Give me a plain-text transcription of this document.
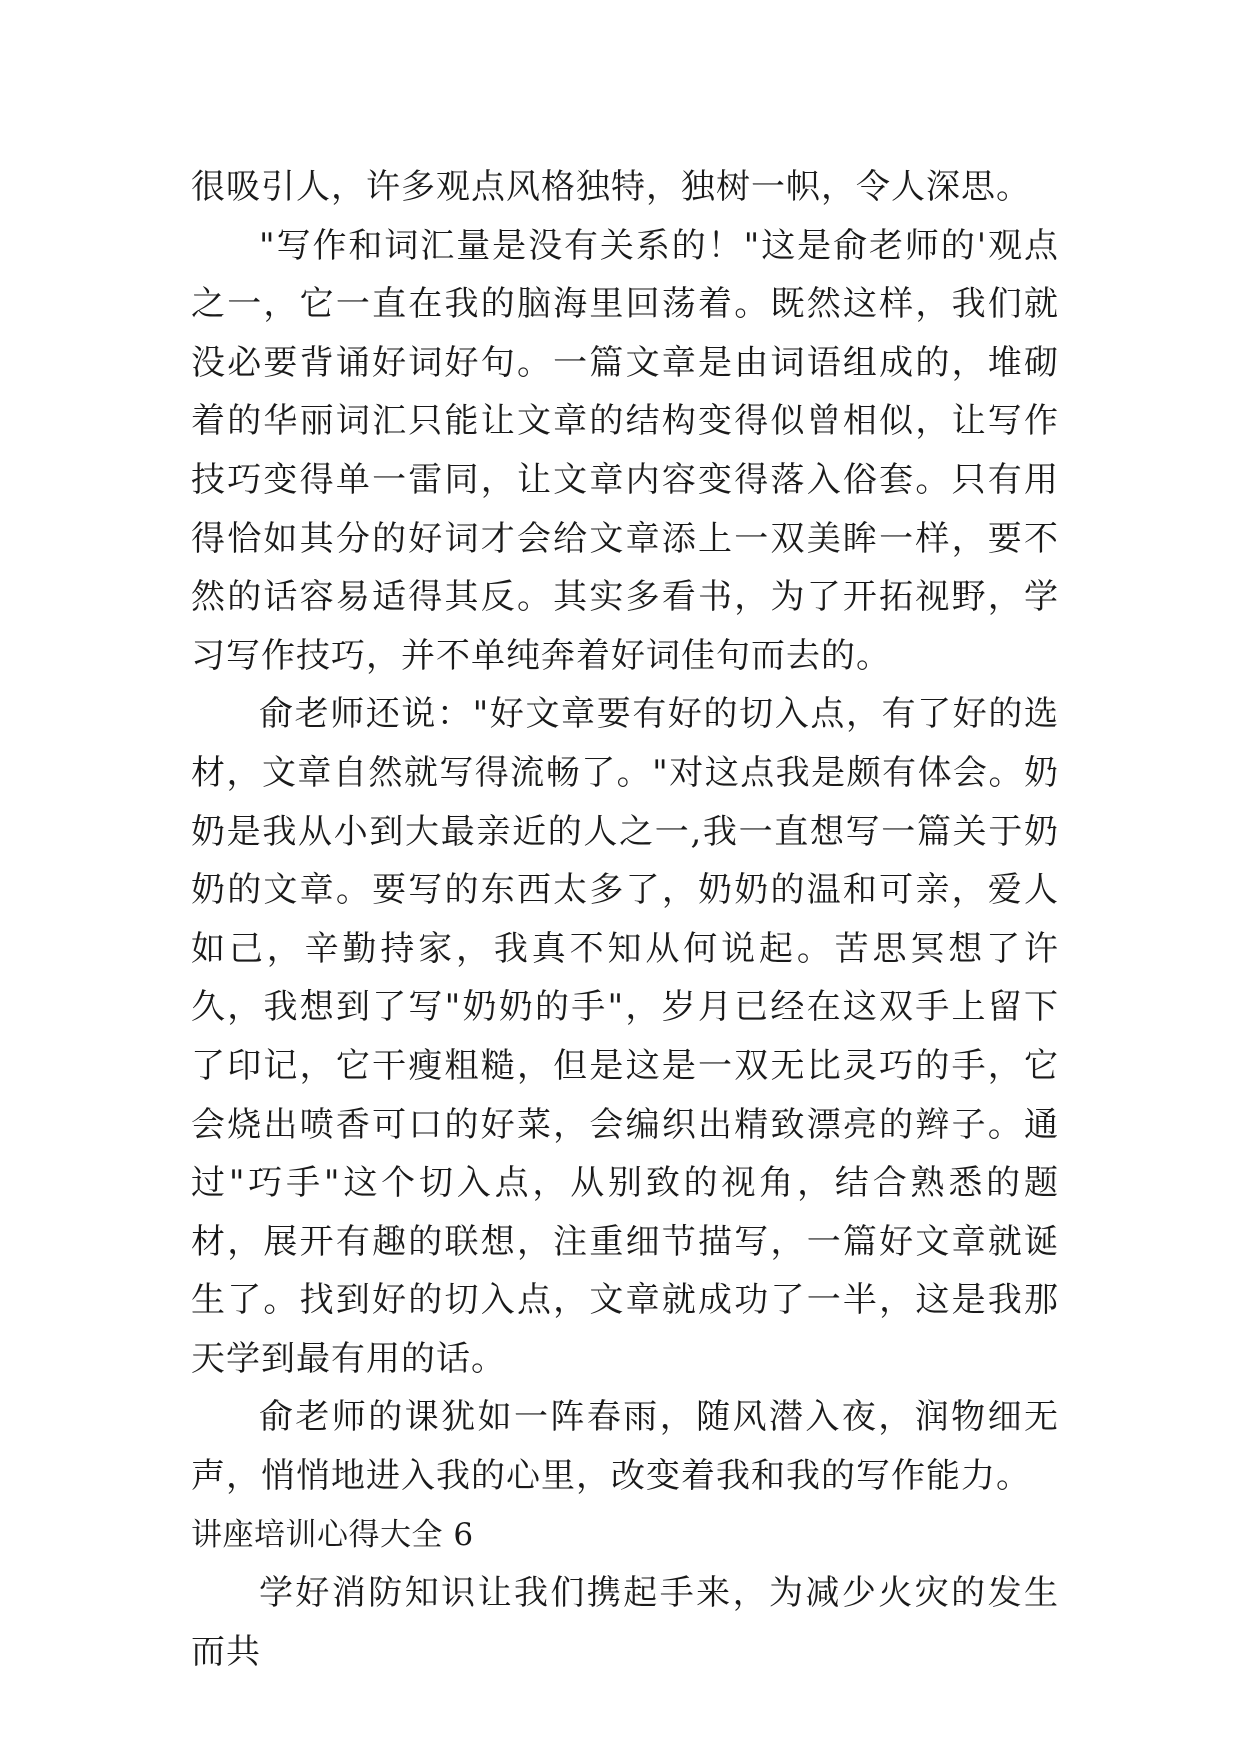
很吸引人，许多观点风格独特，独树一帜，令人深思。

"写作和词汇量是没有关系的！"这是俞老师的'观点之一，它一直在我的脑海里回荡着。既然这样，我们就没必要背诵好词好句。一篇文章是由词语组成的，堆砌着的华丽词汇只能让文章的结构变得似曾相似，让写作技巧变得单一雷同，让文章内容变得落入俗套。只有用得恰如其分的好词才会给文章添上一双美眸一样，要不然的话容易适得其反。其实多看书，为了开拓视野，学习写作技巧，并不单纯奔着好词佳句而去的。

俞老师还说："好文章要有好的切入点，有了好的选材，文章自然就写得流畅了。"对这点我是颇有体会。奶奶是我从小到大最亲近的人之一,我一直想写一篇关于奶奶的文章。要写的东西太多了，奶奶的温和可亲，爱人如己，辛勤持家，我真不知从何说起。苦思冥想了许久，我想到了写"奶奶的手"，岁月已经在这双手上留下了印记，它干瘦粗糙，但是这是一双无比灵巧的手，它会烧出喷香可口的好菜，会编织出精致漂亮的辫子。通过"巧手"这个切入点，从别致的视角，结合熟悉的题材，展开有趣的联想，注重细节描写，一篇好文章就诞生了。找到好的切入点，文章就成功了一半，这是我那天学到最有用的话。

俞老师的课犹如一阵春雨，随风潜入夜，润物细无声，悄悄地进入我的心里，改变着我和我的写作能力。

讲座培训心得大全 6

学好消防知识让我们携起手来，为减少火灾的发生而共
